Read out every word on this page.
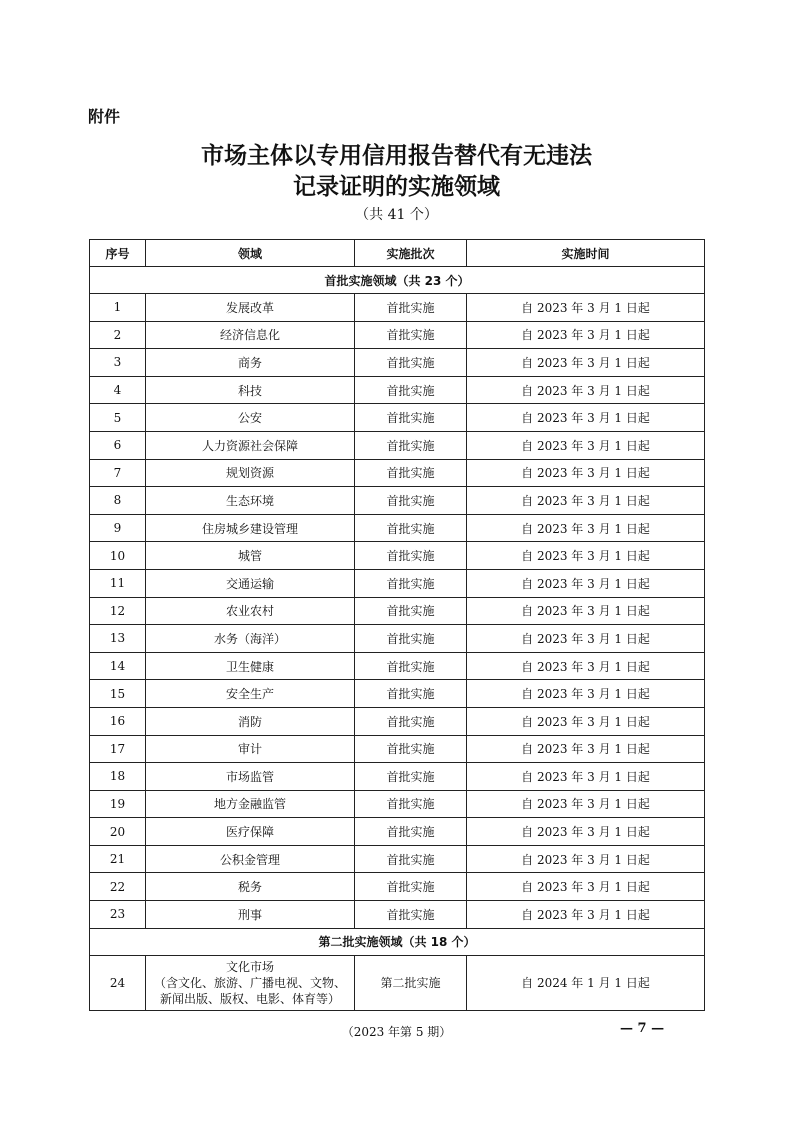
附件
市场主体以专用信用报告替代有无违法
记录证明的实施领域
（共 41 个）
序号	领域	实施批次	实施时间
首批实施领域（共 23 个）			
1	发展改革	首批实施	自 2023 年 3 月 1 日起
2	经济信息化	首批实施	自 2023 年 3 月 1 日起
3	商务	首批实施	自 2023 年 3 月 1 日起
4	科技	首批实施	自 2023 年 3 月 1 日起
5	公安	首批实施	自 2023 年 3 月 1 日起
6	人力资源社会保障	首批实施	自 2023 年 3 月 1 日起
7	规划资源	首批实施	自 2023 年 3 月 1 日起
8	生态环境	首批实施	自 2023 年 3 月 1 日起
9	住房城乡建设管理	首批实施	自 2023 年 3 月 1 日起
10	城管	首批实施	自 2023 年 3 月 1 日起
11	交通运输	首批实施	自 2023 年 3 月 1 日起
12	农业农村	首批实施	自 2023 年 3 月 1 日起
13	水务（海洋）	首批实施	自 2023 年 3 月 1 日起
14	卫生健康	首批实施	自 2023 年 3 月 1 日起
15	安全生产	首批实施	自 2023 年 3 月 1 日起
16	消防	首批实施	自 2023 年 3 月 1 日起
17	审计	首批实施	自 2023 年 3 月 1 日起
18	市场监管	首批实施	自 2023 年 3 月 1 日起
19	地方金融监管	首批实施	自 2023 年 3 月 1 日起
20	医疗保障	首批实施	自 2023 年 3 月 1 日起
21	公积金管理	首批实施	自 2023 年 3 月 1 日起
22	税务	首批实施	自 2023 年 3 月 1 日起
23	刑事	首批实施	自 2023 年 3 月 1 日起
第二批实施领域（共 18 个）			
24	文化市场
（含文化、旅游、广播电视、文物、
新闻出版、版权、电影、体育等）	第二批实施	自 2024 年 1 月 1 日起
（2023 年第 5 期）	— 7 —
